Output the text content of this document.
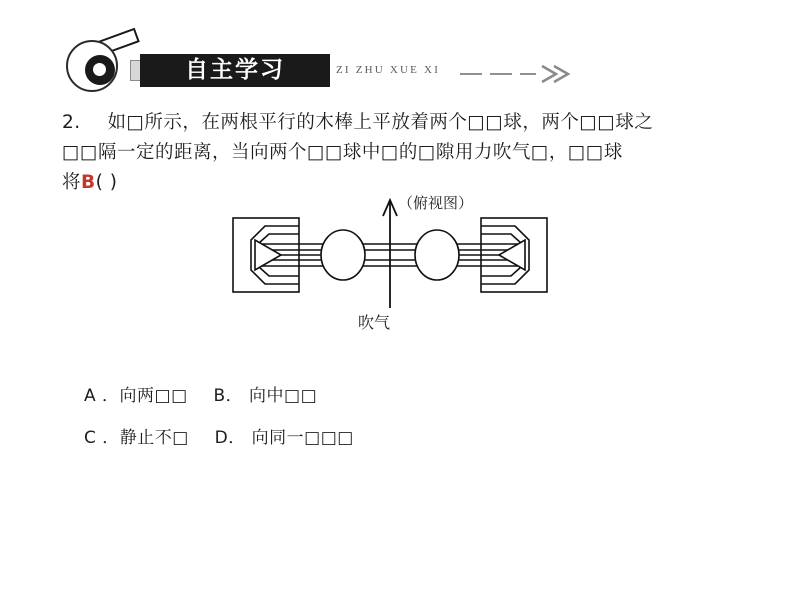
自主学习	ZI ZHU XUE XI
2. 如□所示，在两根平行的木棒上平放着两个□□球，两个□□球之
□□隔一定的距离，当向两个□□球中□的□隙用力吹气□，□□球
将B( )
（俯视图）
吹气
A ．向两□□ B． 向中□□
C ．静止不□ D． 向同一□□□
